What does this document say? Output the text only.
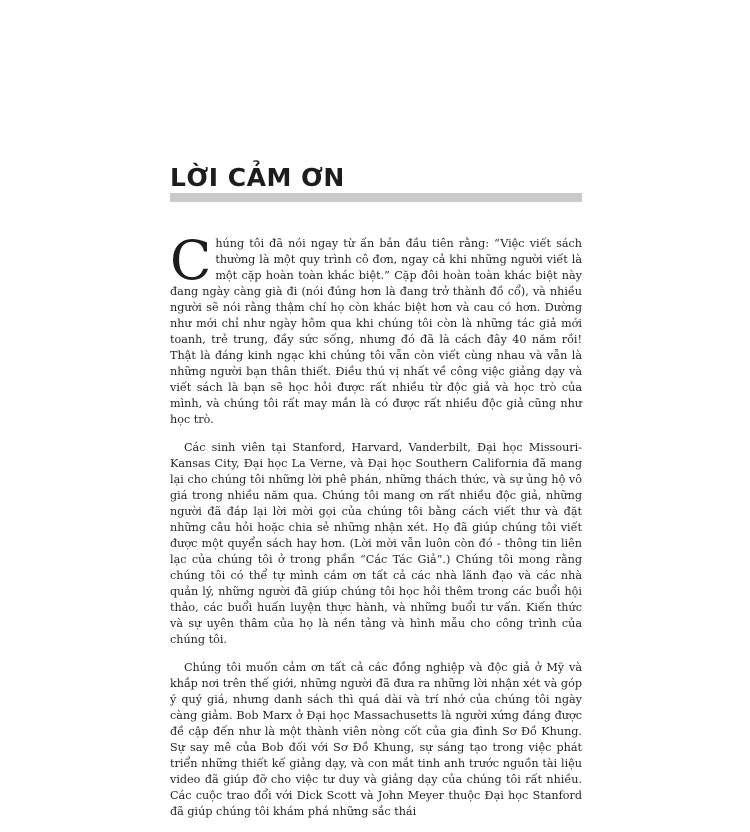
LỜI CẢM ƠN

Chúng tôi đã nói ngay từ ấn bản đầu tiên rằng: “Việc viết sách thường là một quy trình cô đơn, ngay cả khi những người viết là một cặp hoàn toàn khác biệt.” Cặp đôi hoàn toàn khác biệt này đang ngày càng già đi (nói đúng hơn là đang trở thành đồ cổ), và nhiều người sẽ nói rằng thậm chí họ còn khác biệt hơn và cau có hơn. Dường như mới chỉ như ngày hôm qua khi chúng tôi còn là những tác giả mới toanh, trẻ trung, đầy sức sống, nhưng đó đã là cách đây 40 năm rồi! Thật là đáng kinh ngạc khi chúng tôi vẫn còn viết cùng nhau và vẫn là những người bạn thân thiết. Điều thú vị nhất về công việc giảng dạy và viết sách là bạn sẽ học hỏi được rất nhiều từ độc giả và học trò của mình, và chúng tôi rất may mắn là có được rất nhiều độc giả cũng như học trò.

Các sinh viên tại Stanford, Harvard, Vanderbilt, Đại học Missouri-Kansas City, Đại học La Verne, và Đại học Southern California đã mang lại cho chúng tôi những lời phê phán, những thách thức, và sự ủng hộ vô giá trong nhiều năm qua. Chúng tôi mang ơn rất nhiều độc giả, những người đã đáp lại lời mời gọi của chúng tôi bằng cách viết thư và đặt những câu hỏi hoặc chia sẻ những nhận xét. Họ đã giúp chúng tôi viết được một quyển sách hay hơn. (Lời mời vẫn luôn còn đó - thông tin liên lạc của chúng tôi ở trong phần “Các Tác Giả”.) Chúng tôi mong rằng chúng tôi có thể tự mình cám ơn tất cả các nhà lãnh đạo và các nhà quản lý, những người đã giúp chúng tôi học hỏi thêm trong các buổi hội thảo, các buổi huấn luyện thực hành, và những buổi tư vấn. Kiến thức và sự uyên thâm của họ là nền tảng và hình mẫu cho công trình của chúng tôi.

Chúng tôi muốn cảm ơn tất cả các đồng nghiệp và độc giả ở Mỹ và khắp nơi trên thế giới, những người đã đưa ra những lời nhận xét và góp ý quý giá, nhưng danh sách thì quá dài và trí nhớ của chúng tôi ngày càng giảm. Bob Marx ở Đại học Massachusetts là người xứng đáng được đề cập đến như là một thành viên nòng cốt của gia đình Sơ Đồ Khung. Sự say mê của Bob đối với Sơ Đồ Khung, sự sáng tạo trong việc phát triển những thiết kế giảng dạy, và con mắt tinh anh trước nguồn tài liệu video đã giúp đỡ cho việc tư duy và giảng dạy của chúng tôi rất nhiều. Các cuộc trao đổi với Dick Scott và John Meyer thuộc Đại học Stanford đã giúp chúng tôi khám phá những sắc thái
